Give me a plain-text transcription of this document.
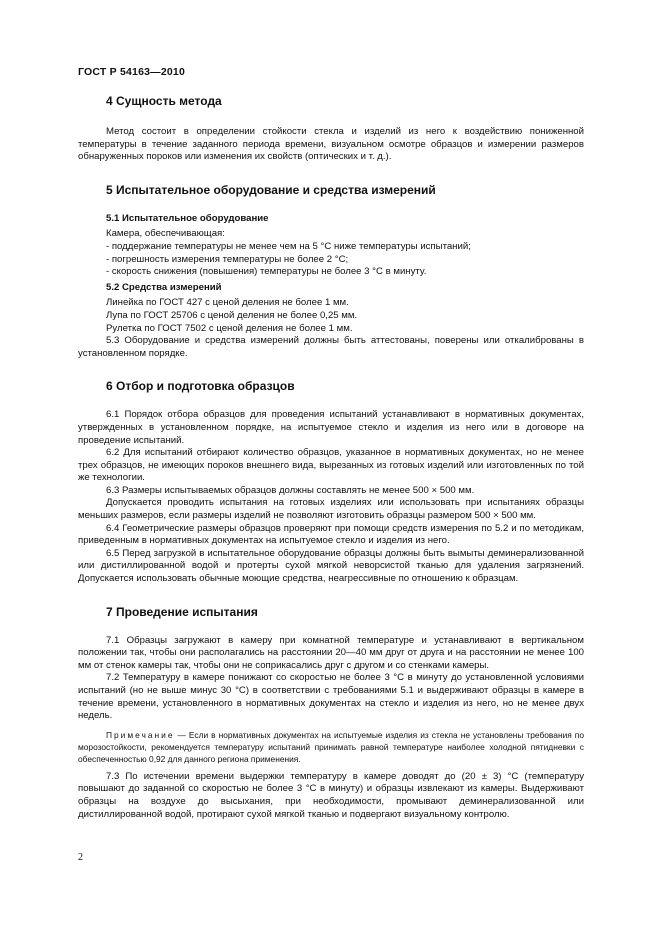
ГОСТ Р 54163—2010
4 Сущность метода

Метод состоит в определении стойкости стекла и изделий из него к воздействию пониженной температуры в течение заданного периода времени, визуальном осмотре образцов и измерении размеров обнаруженных пороков или изменения их свойств (оптических и т. д.).

5 Испытательное оборудование и средства измерений
5.1 Испытательное оборудование

Камера, обеспечивающая:

- поддержание температуры не менее чем на 5 °С ниже температуры испытаний;

- погрешность измерения температуры не более 2 °С;

- скорость снижения (повышения) температуры не более 3 °С в минуту.

5.2 Средства измерений

Линейка по ГОСТ 427 с ценой деления не более 1 мм.

Лупа по ГОСТ 25706 с ценой деления не более 0,25 мм.

Рулетка по ГОСТ 7502 с ценой деления не более 1 мм.

5.3 Оборудование и средства измерений должны быть аттестованы, поверены или откалиброваны в установленном порядке.

6 Отбор и подготовка образцов

6.1 Порядок отбора образцов для проведения испытаний устанавливают в нормативных документах, утвержденных в установленном порядке, на испытуемое стекло и изделия из него или в договоре на проведение испытаний.

6.2 Для испытаний отбирают количество образцов, указанное в нормативных документах, но не менее трех образцов, не имеющих пороков внешнего вида, вырезанных из готовых изделий или изготовленных по той же технологии.

6.3 Размеры испытываемых образцов должны составлять не менее 500 × 500 мм.

Допускается проводить испытания на готовых изделиях или использовать при испытаниях образцы меньших размеров, если размеры изделий не позволяют изготовить образцы размером 500 × 500 мм.

6.4 Геометрические размеры образцов проверяют при помощи средств измерения по 5.2 и по методикам, приведенным в нормативных документах на испытуемое стекло и изделия из него.

6.5 Перед загрузкой в испытательное оборудование образцы должны быть вымыты деминерализованной или дистиллированной водой и протерты сухой мягкой неворсистой тканью для удаления загрязнений. Допускается использовать обычные моющие средства, неагрессивные по отношению к образцам.

7 Проведение испытания

7.1 Образцы загружают в камеру при комнатной температуре и устанавливают в вертикальном положении так, чтобы они располагались на расстоянии 20—40 мм друг от друга и на расстоянии не менее 100 мм от стенок камеры так, чтобы они не соприкасались друг с другом и со стенками камеры.

7.2 Температуру в камере понижают со скоростью не более 3 °С в минуту до установленной условиями испытаний (но не выше минус 30 °С) в соответствии с требованиями 5.1 и выдерживают образцы в камере в течение времени, установленного в нормативных документах на стекло и изделия из него, но не менее двух недель.

Примечание — Если в нормативных документах на испытуемые изделия из стекла не установлены требования по морозостойкости, рекомендуется температуру испытаний принимать равной температуре наиболее холодной пятидневки с обеспеченностью 0,92 для данного региона применения.

7.3 По истечении времени выдержки температуру в камере доводят до (20 ± 3) °С (температуру повышают до заданной со скоростью не более 3 °С в минуту) и образцы извлекают из камеры. Выдерживают образцы на воздухе до высыхания, при необходимости, промывают деминерализованной или дистиллированной водой, протирают сухой мягкой тканью и подвергают визуальному контролю.

2
